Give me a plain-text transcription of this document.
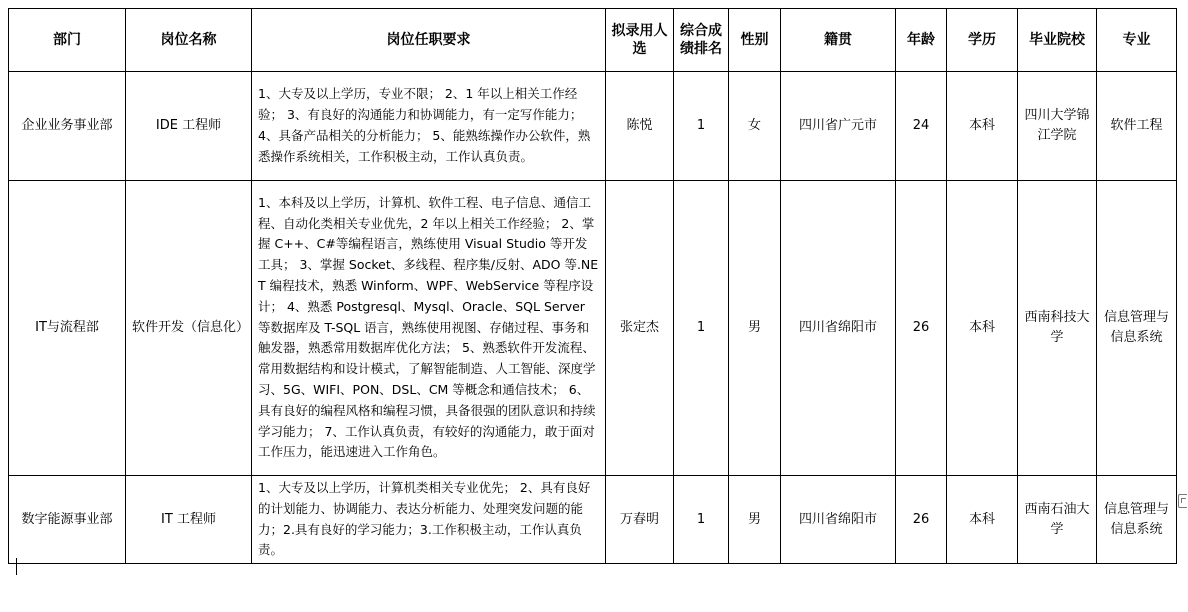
部门	岗位名称	岗位任职要求	拟录用人选	综合成绩排名	性别	籍贯	年龄	学历	毕业院校	专业
企业业务事业部	IDE 工程师	1、大专及以上学历，专业不限； 2、1 年以上相关工作经验； 3、有良好的沟通能力和协调能力，有一定写作能力； 4、具备产品相关的分析能力； 5、能熟练操作办公软件，熟悉操作系统相关，工作积极主动，工作认真负责。	陈悦	1	女	四川省广元市	24	本科	四川大学锦江学院	软件工程
IT与流程部	软件开发（信息化）	1、本科及以上学历，计算机、软件工程、电子信息、通信工程、自动化类相关专业优先，2 年以上相关工作经验； 2、掌握 C++、C#等编程语言，熟练使用 Visual Studio 等开发工具； 3、掌握 Socket、多线程、程序集/反射、ADO 等.NET 编程技术，熟悉 Winform、WPF、WebService 等程序设计； 4、熟悉 Postgresql、Mysql、Oracle、SQL Server 等数据库及 T-SQL 语言，熟练使用视图、存储过程、事务和触发器，熟悉常用数据库优化方法； 5、熟悉软件开发流程、常用数据结构和设计模式，了解智能制造、人工智能、深度学习、5G、WIFI、PON、DSL、CM 等概念和通信技术； 6、具有良好的编程风格和编程习惯，具备很强的团队意识和持续学习能力； 7、工作认真负责，有较好的沟通能力，敢于面对工作压力，能迅速进入工作角色。	张定杰	1	男	四川省绵阳市	26	本科	西南科技大学	信息管理与信息系统
数字能源事业部	IT 工程师	1、大专及以上学历，计算机类相关专业优先； 2、具有良好的计划能力、协调能力、表达分析能力、处理突发问题的能力；2.具有良好的学习能力；3.工作积极主动，工作认真负责。	万春明	1	男	四川省绵阳市	26	本科	西南石油大学	信息管理与信息系统
